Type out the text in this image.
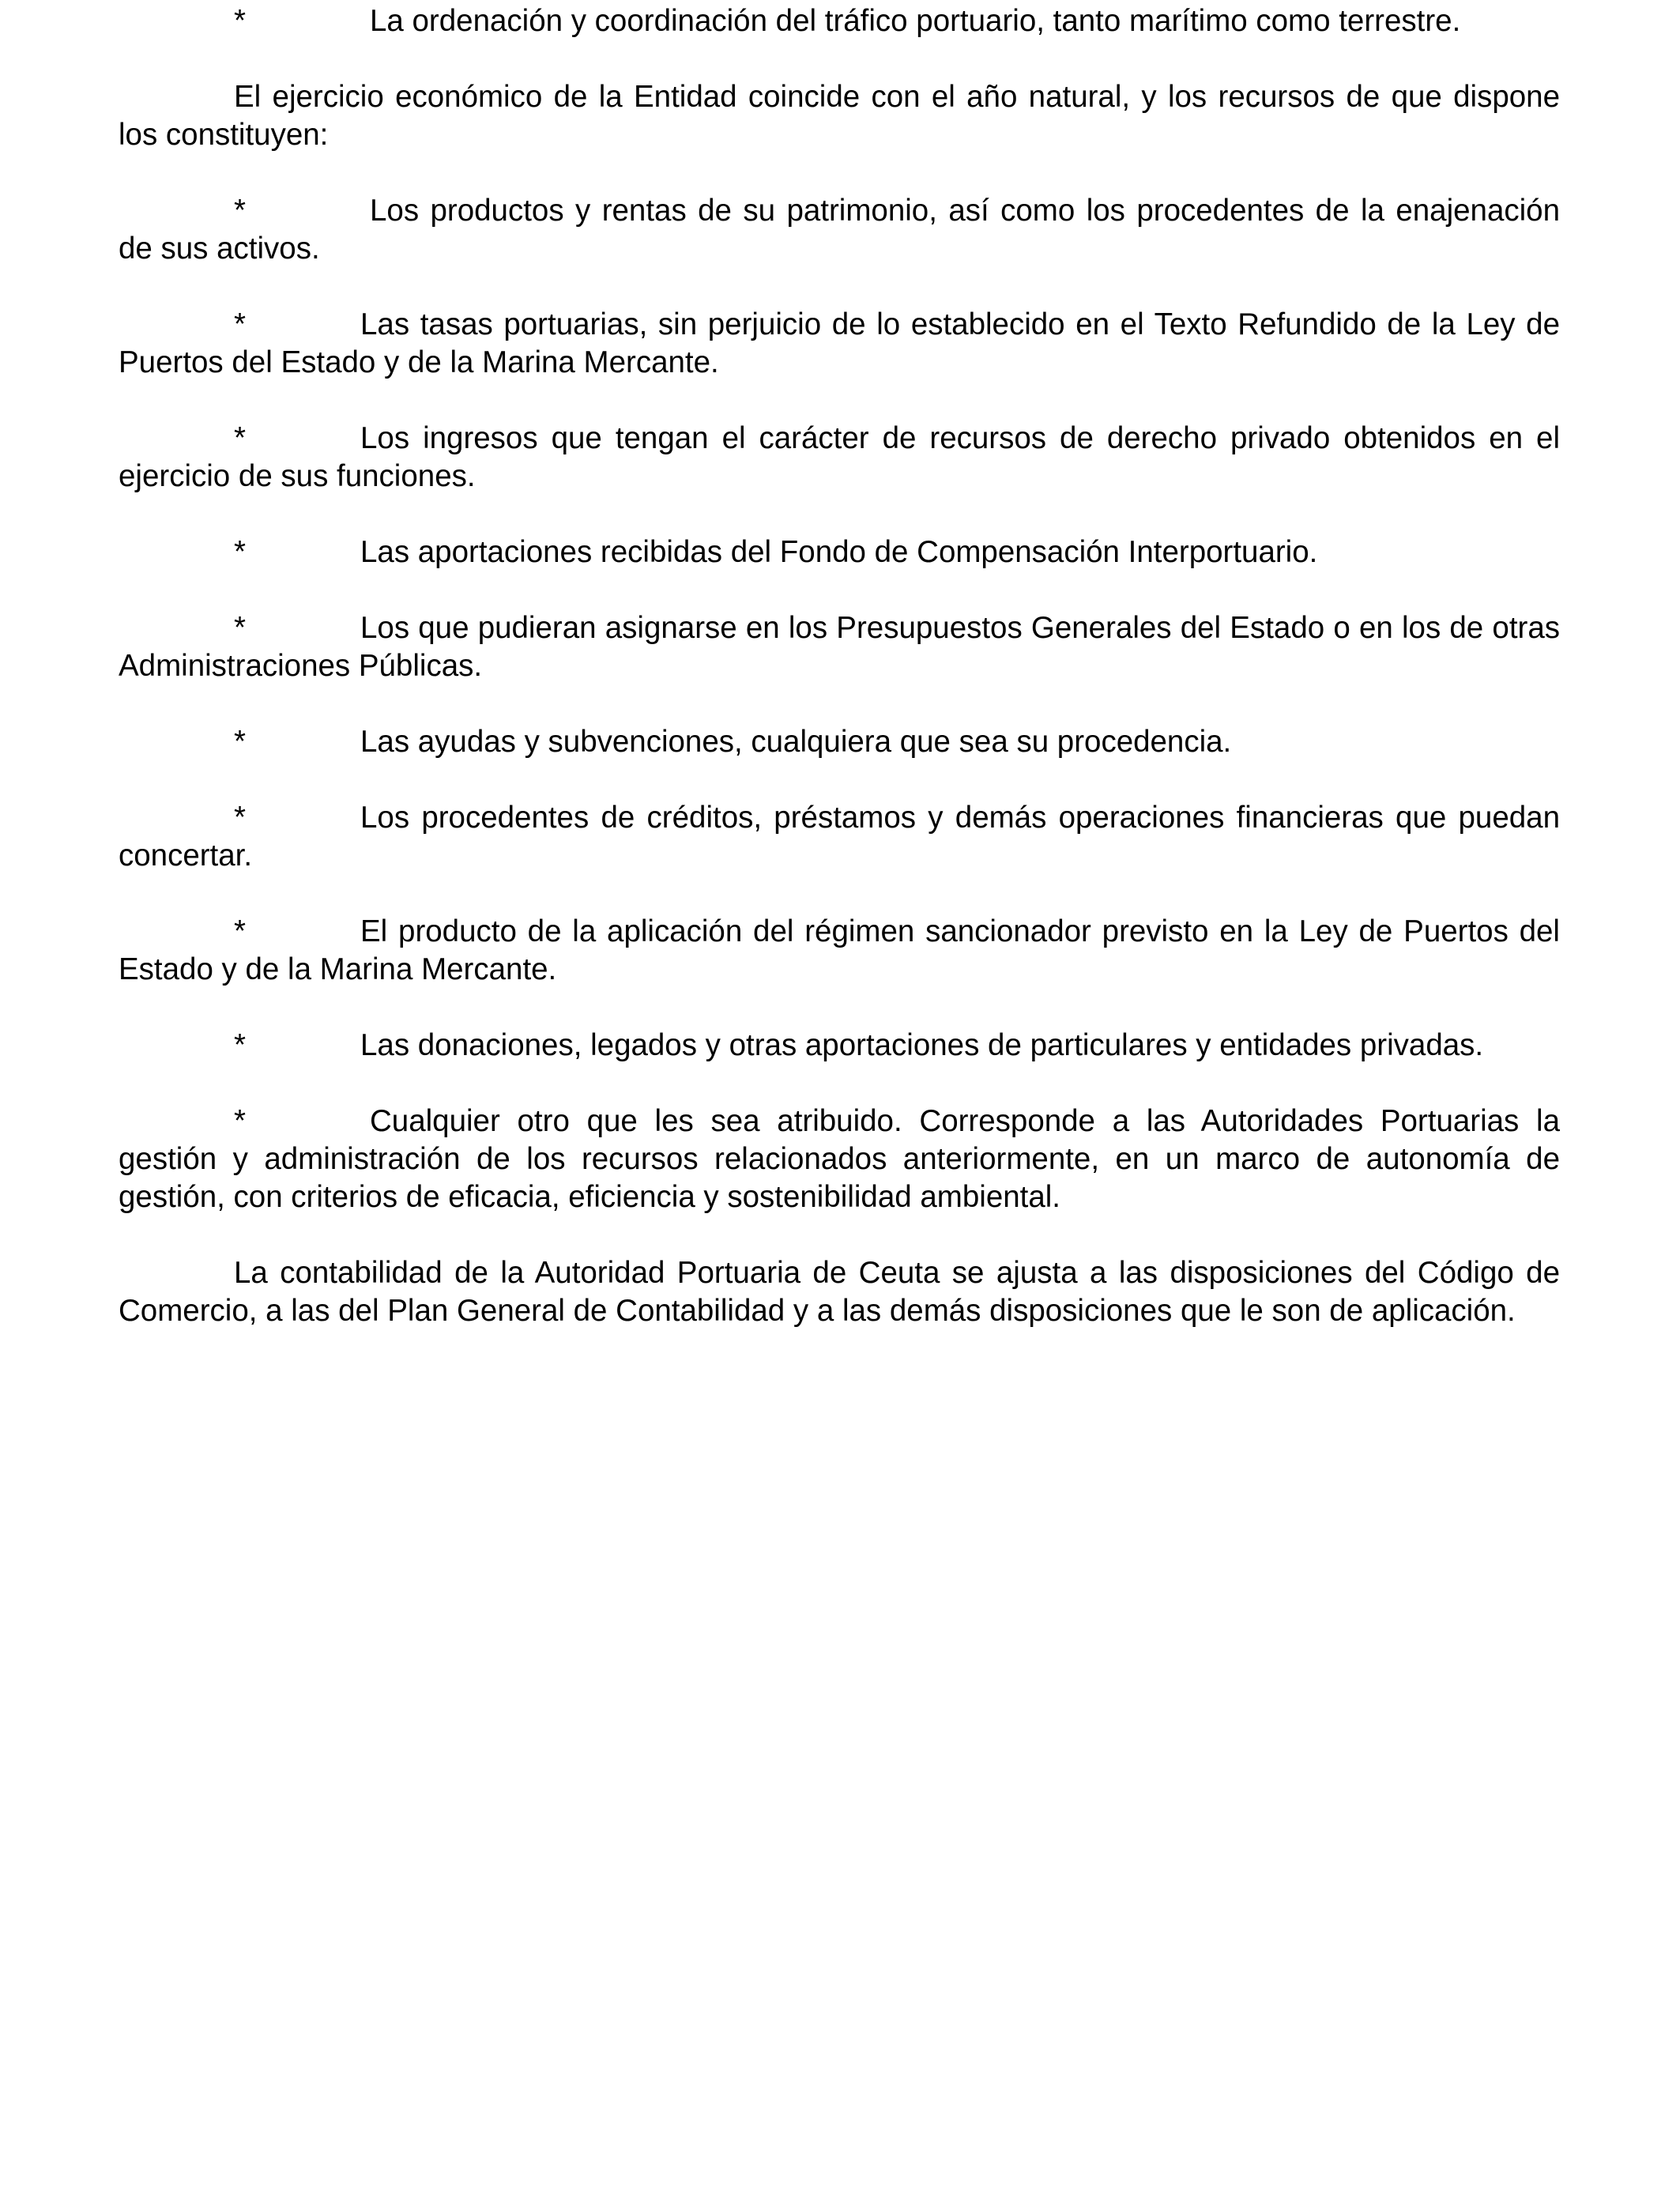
*	La ordenación y coordinación del tráfico portuario, tanto marítimo como terrestre.

El ejercicio económico de la Entidad coincide con el año natural, y los recursos de que dispone los constituyen:

*	Los productos y rentas de su patrimonio, así como los procedentes de la enajenación de sus activos.

*	Las tasas portuarias, sin perjuicio de lo establecido en el Texto Refundido de la Ley de Puertos del Estado y de la Marina Mercante.

*	Los ingresos que tengan el carácter de recursos de derecho privado obtenidos en el ejercicio de sus funciones.

*	Las aportaciones recibidas del Fondo de Compensación Interportuario.

*	Los que pudieran asignarse en los Presupuestos Generales del Estado o en los de otras Administraciones Públicas.

*	Las ayudas y subvenciones, cualquiera que sea su procedencia.

*	Los procedentes de créditos, préstamos y demás operaciones financieras que puedan concertar.

*	El producto de la aplicación del régimen sancionador previsto en la Ley de Puertos del Estado y de la Marina Mercante.

*	Las donaciones, legados y otras aportaciones de particulares y entidades privadas.

*	Cualquier otro que les sea atribuido. Corresponde a las Autoridades Portuarias la gestión y administración de los recursos relacionados anteriormente, en un marco de autonomía de gestión, con criterios de eficacia, eficiencia y sostenibilidad ambiental.

La contabilidad de la Autoridad Portuaria de Ceuta se ajusta a las disposiciones del Código de Comercio, a las del Plan General de Contabilidad y a las demás disposiciones que le son de aplicación.
